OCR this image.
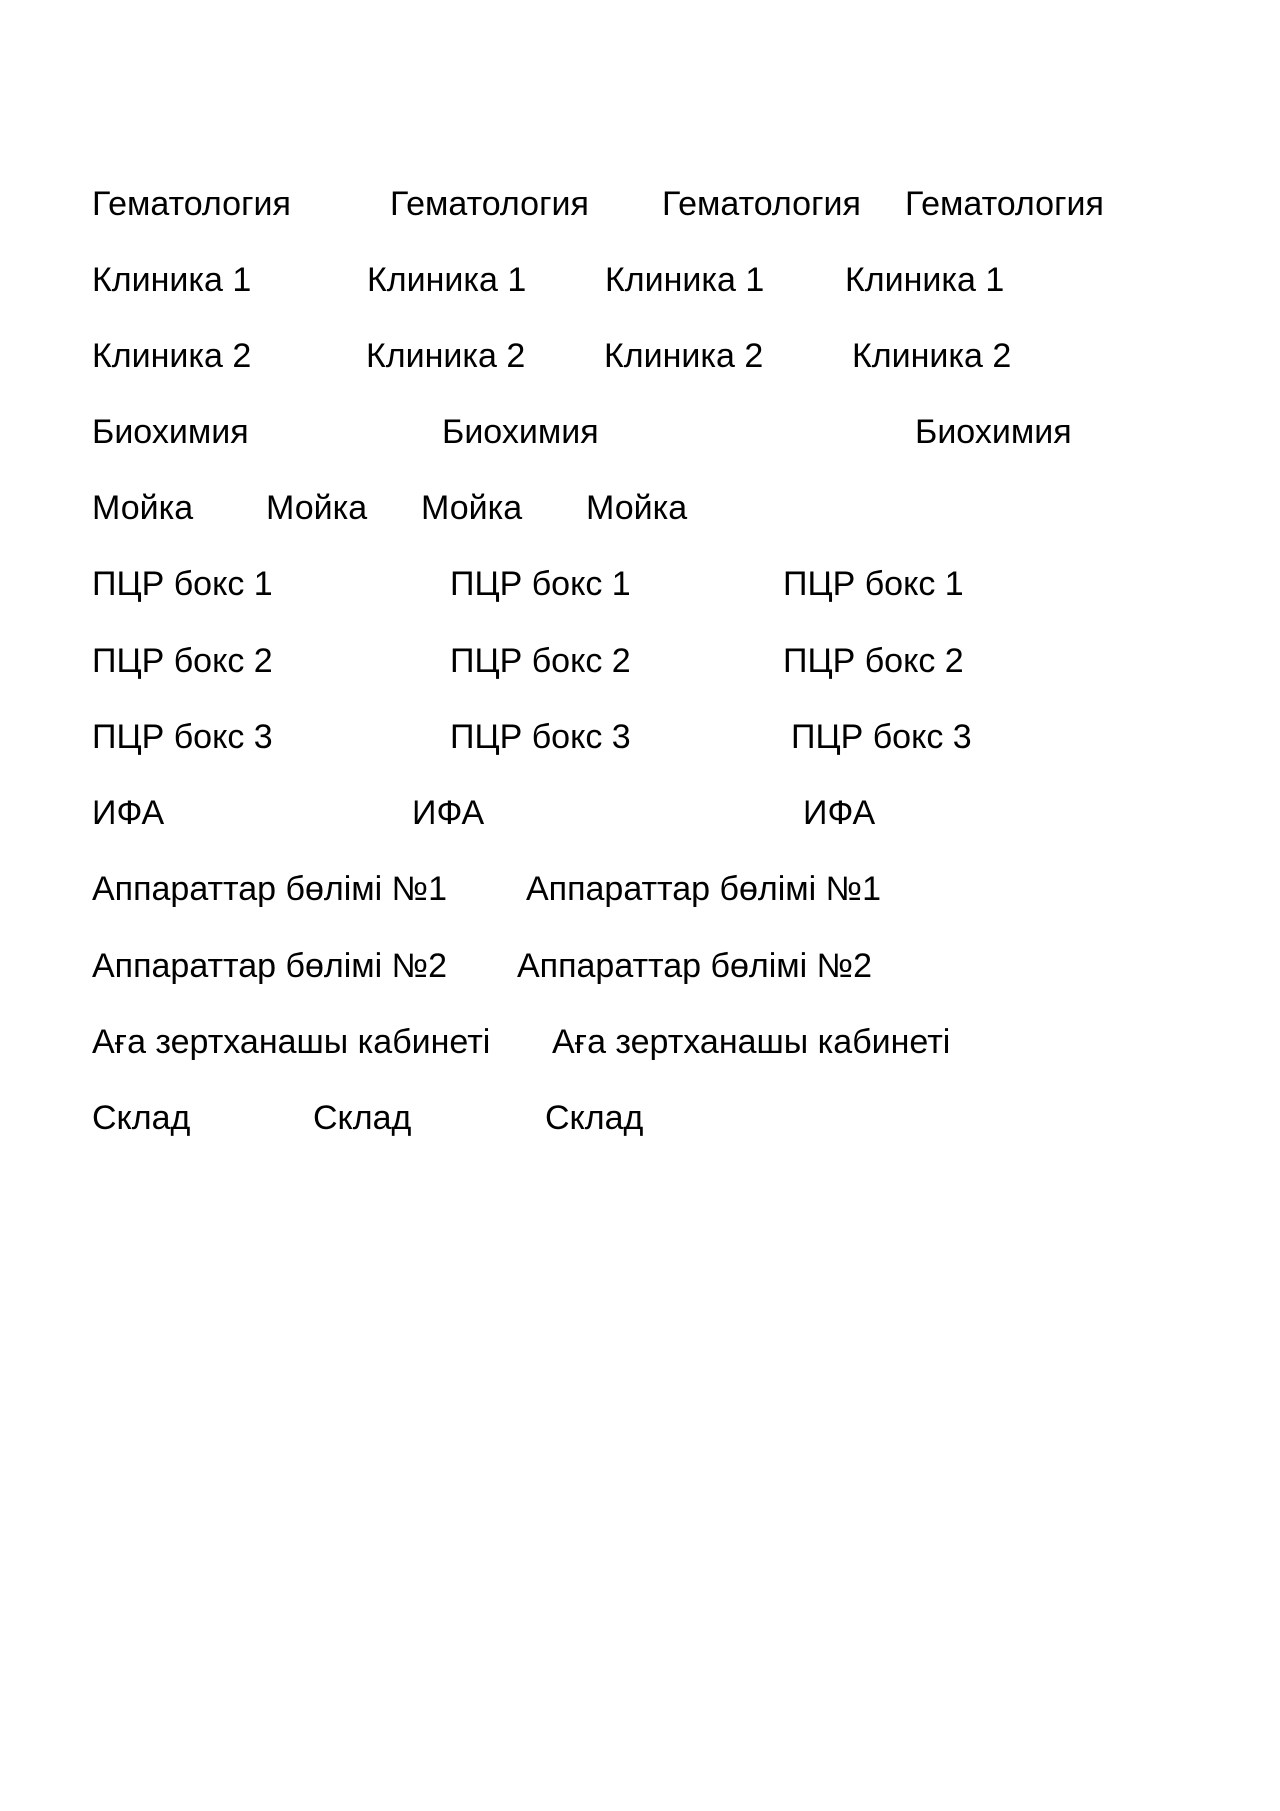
Гематология	Гематология Гематология Гематология
Клиника 1	Клиника 1 Клиника 1 Клиника 1
Клиника 2	Клиника 2 Клиника 2	Клиника 2
Биохимия	Биохимия	Биохимия
Мойка Мойка Мойка Мойка
ПЦР бокс 1	ПЦР бокс 1	ПЦР бокс 1
ПЦР бокс 2	ПЦР бокс 2	ПЦР бокс 2
ПЦР бокс 3	ПЦР бокс 3	ПЦР бокс 3
ИФА	ИФА	ИФА
Аппараттар бөлімі №1 Аппараттар бөлімі №1
Аппараттар бөлімі №2 Аппараттар бөлімі №2
Аға зертханашы кабинеті Аға зертханашы кабинеті
Склад	Склад	Склад
